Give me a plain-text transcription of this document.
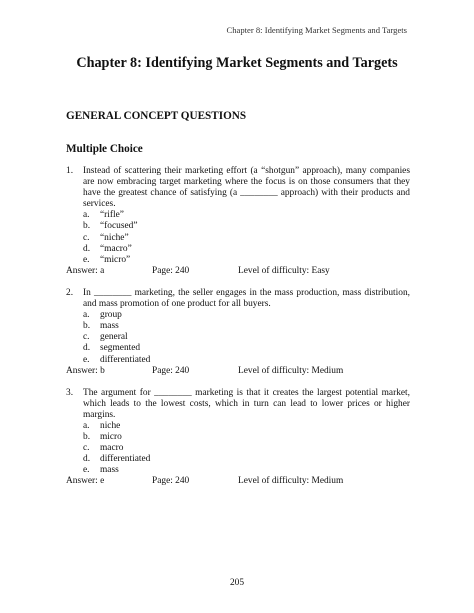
Chapter 8: Identifying Market Segments and Targets
Chapter 8: Identifying Market Segments and Targets
GENERAL CONCEPT QUESTIONS
Multiple Choice
1.	Instead of scattering their marketing effort (a “shotgun” approach), many companies are now embracing target marketing where the focus is on those consumers that they have the greatest chance of satisfying (a ________ approach) with their products and services.
a.	“rifle”
b.	“focused”
c.	“niche”
d.	“macro”
e.	“micro”
Answer: a	Page: 240	Level of difficulty: Easy
2.	In ________ marketing, the seller engages in the mass production, mass distribution, and mass promotion of one product for all buyers.
a.	group
b.	mass
c.	general
d.	segmented
e.	differentiated
Answer: b	Page: 240	Level of difficulty: Medium
3.	The argument for ________ marketing is that it creates the largest potential market, which leads to the lowest costs, which in turn can lead to lower prices or higher margins.
a.	niche
b.	micro
c.	macro
d.	differentiated
e.	mass
Answer: e	Page: 240	Level of difficulty: Medium
205
